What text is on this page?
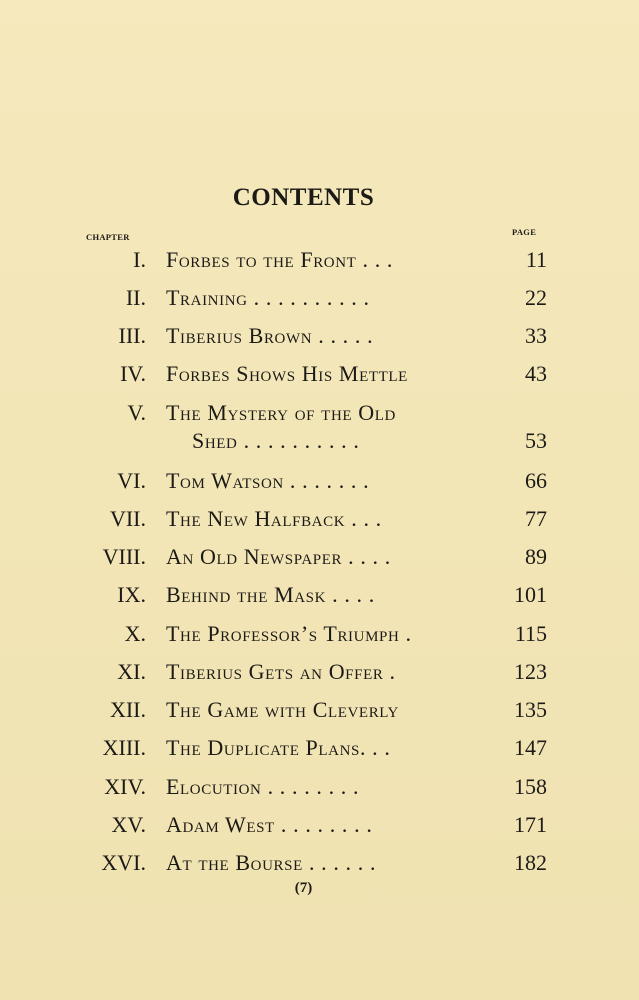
CONTENTS
CHAPTER	PAGE
I. Forbes to the Front . . .	11
II. Training . . . . . . . . . .	22
III. Tiberius Brown . . . . .	33
IV. Forbes Shows His Mettle	43
V. The Mystery of the Old
Shed . . . . . . . . . .	53
VI. Tom Watson . . . . . . .	66
VII. The New Halfback . . .	77
VIII. An Old Newspaper . . . .	89
IX. Behind the Mask . . . .	101
X. The Professor’s Triumph .	115
XI. Tiberius Gets an Offer .	123
XII. The Game with Cleverly	135
XIII. The Duplicate Plans. . .	147
XIV. Elocution . . . . . . . .	158
XV. Adam West . . . . . . . .	171
XVI. At the Bourse . . . . . .	182
(7)
